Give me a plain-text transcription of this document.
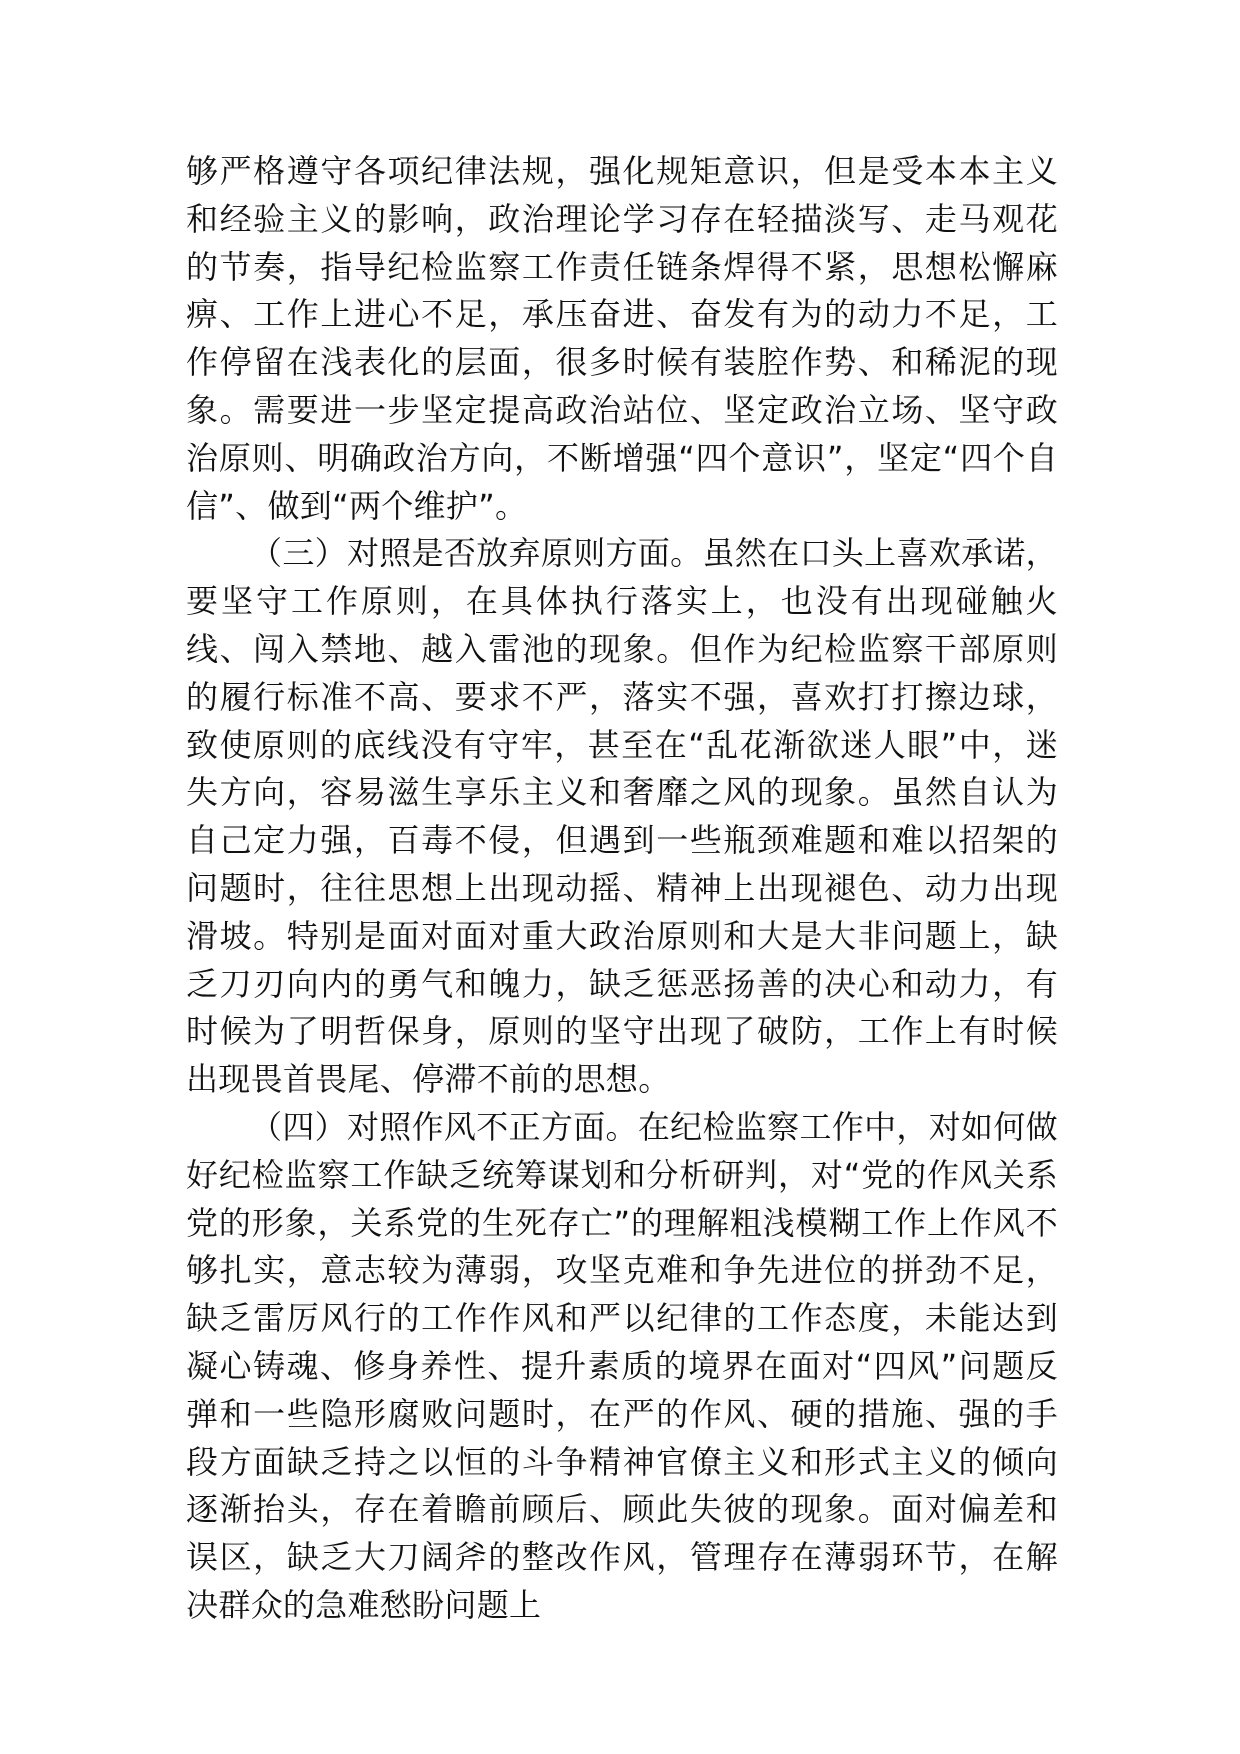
够严格遵守各项纪律法规，强化规矩意识，但是受本本主义和经验主义的影响，政治理论学习存在轻描淡写、走马观花的节奏，指导纪检监察工作责任链条焊得不紧，思想松懈麻痹、工作上进心不足，承压奋进、奋发有为的动力不足，工作停留在浅表化的层面，很多时候有装腔作势、和稀泥的现象。需要进一步坚定提高政治站位、坚定政治立场、坚守政治原则、明确政治方向，不断增强“四个意识”，坚定“四个自信”、做到“两个维护”。

（三）对照是否放弃原则方面。虽然在口头上喜欢承诺，要坚守工作原则，在具体执行落实上，也没有出现碰触火线、闯入禁地、越入雷池的现象。但作为纪检监察干部原则的履行标准不高、要求不严，落实不强，喜欢打打擦边球，致使原则的底线没有守牢，甚至在“乱花渐欲迷人眼”中，迷失方向，容易滋生享乐主义和奢靡之风的现象。虽然自认为自己定力强，百毒不侵，但遇到一些瓶颈难题和难以招架的问题时，往往思想上出现动摇、精神上出现褪色、动力出现滑坡。特别是面对面对重大政治原则和大是大非问题上，缺乏刀刃向内的勇气和魄力，缺乏惩恶扬善的决心和动力，有时候为了明哲保身，原则的坚守出现了破防，工作上有时候出现畏首畏尾、停滞不前的思想。

（四）对照作风不正方面。在纪检监察工作中，对如何做好纪检监察工作缺乏统筹谋划和分析研判，对“党的作风关系党的形象，关系党的生死存亡”的理解粗浅模糊工作上作风不够扎实，意志较为薄弱，攻坚克难和争先进位的拼劲不足，缺乏雷厉风行的工作作风和严以纪律的工作态度，未能达到凝心铸魂、修身养性、提升素质的境界在面对“四风”问题反弹和一些隐形腐败问题时，在严的作风、硬的措施、强的手段方面缺乏持之以恒的斗争精神官僚主义和形式主义的倾向逐渐抬头，存在着瞻前顾后、顾此失彼的现象。面对偏差和误区，缺乏大刀阔斧的整改作风，管理存在薄弱环节，在解决群众的急难愁盼问题上
